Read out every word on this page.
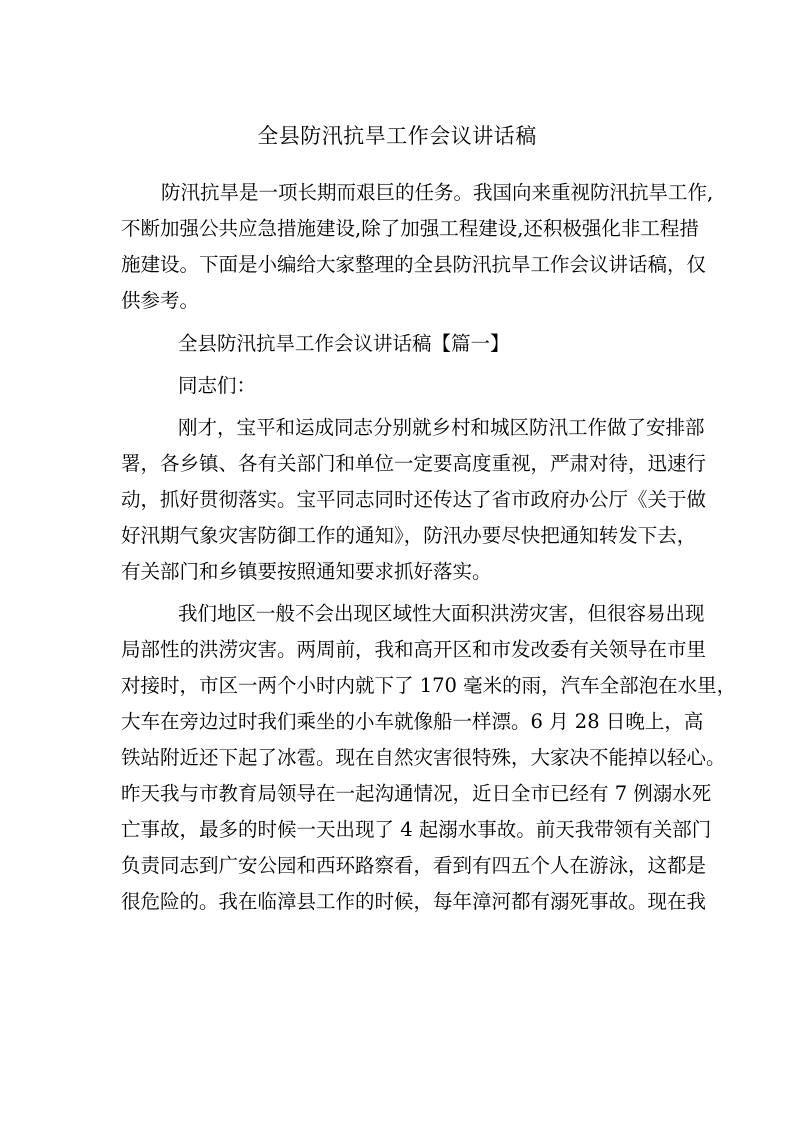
全县防汛抗旱工作会议讲话稿
防汛抗旱是一项长期而艰巨的任务。我国向来重视防汛抗旱工作,
不断加强公共应急措施建设,除了加强工程建设,还积极强化非工程措
施建设。下面是小编给大家整理的全县防汛抗旱工作会议讲话稿，仅
供参考。
全县防汛抗旱工作会议讲话稿【篇一】
同志们：
刚才，宝平和运成同志分别就乡村和城区防汛工作做了安排部
署，各乡镇、各有关部门和单位一定要高度重视，严肃对待，迅速行
动，抓好贯彻落实。宝平同志同时还传达了省市政府办公厅《关于做
好汛期气象灾害防御工作的通知》，防汛办要尽快把通知转发下去，
有关部门和乡镇要按照通知要求抓好落实。
我们地区一般不会出现区域性大面积洪涝灾害，但很容易出现
局部性的洪涝灾害。两周前，我和高开区和市发改委有关领导在市里
对接时，市区一两个小时内就下了 170 毫米的雨，汽车全部泡在水里，
大车在旁边过时我们乘坐的小车就像船一样漂。6 月 28 日晚上，高
铁站附近还下起了冰雹。现在自然灾害很特殊，大家决不能掉以轻心。
昨天我与市教育局领导在一起沟通情况，近日全市已经有 7 例溺水死
亡事故，最多的时候一天出现了 4 起溺水事故。前天我带领有关部门
负责同志到广安公园和西环路察看，看到有四五个人在游泳，这都是
很危险的。我在临漳县工作的时候，每年漳河都有溺死事故。现在我
